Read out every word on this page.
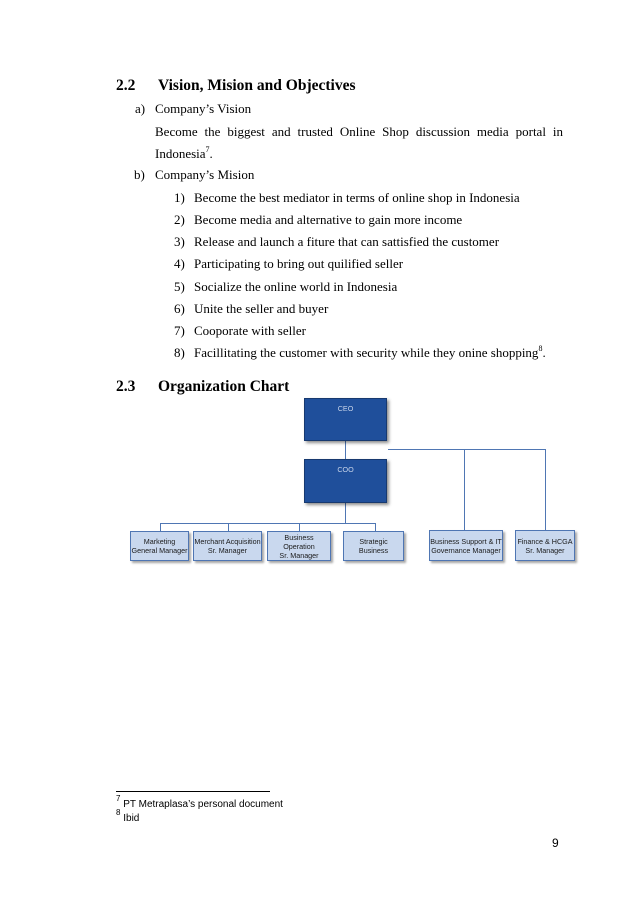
2.2 Vision, Mision and Objectives
a) Company’s Vision
Become the biggest and trusted Online Shop discussion media portal in
Indonesia$^7$.
b) Company’s Mision
1) Become the best mediator in terms of online shop in Indonesia
2) Become media and alternative to gain more income
3) Release and launch a fiture that can sattisfied the customer
4) Participating to bring out quilified seller
5) Socialize the online world in Indonesia
6) Unite the seller and buyer
7) Cooporate with seller
8) Facillitating the customer with security while they onine shopping$^8$.
2.3 Organization Chart
CEO
COO
Marketing
General Manager
Merchant Acquisition
Sr. Manager
Business Operation
Sr. Manager
Strategic Business
Business Support & IT
Governance Manager
Finance & HCGA
Sr. Manager
$^7$ PT Metraplasa’s personal document
$^8$ Ibid
9
